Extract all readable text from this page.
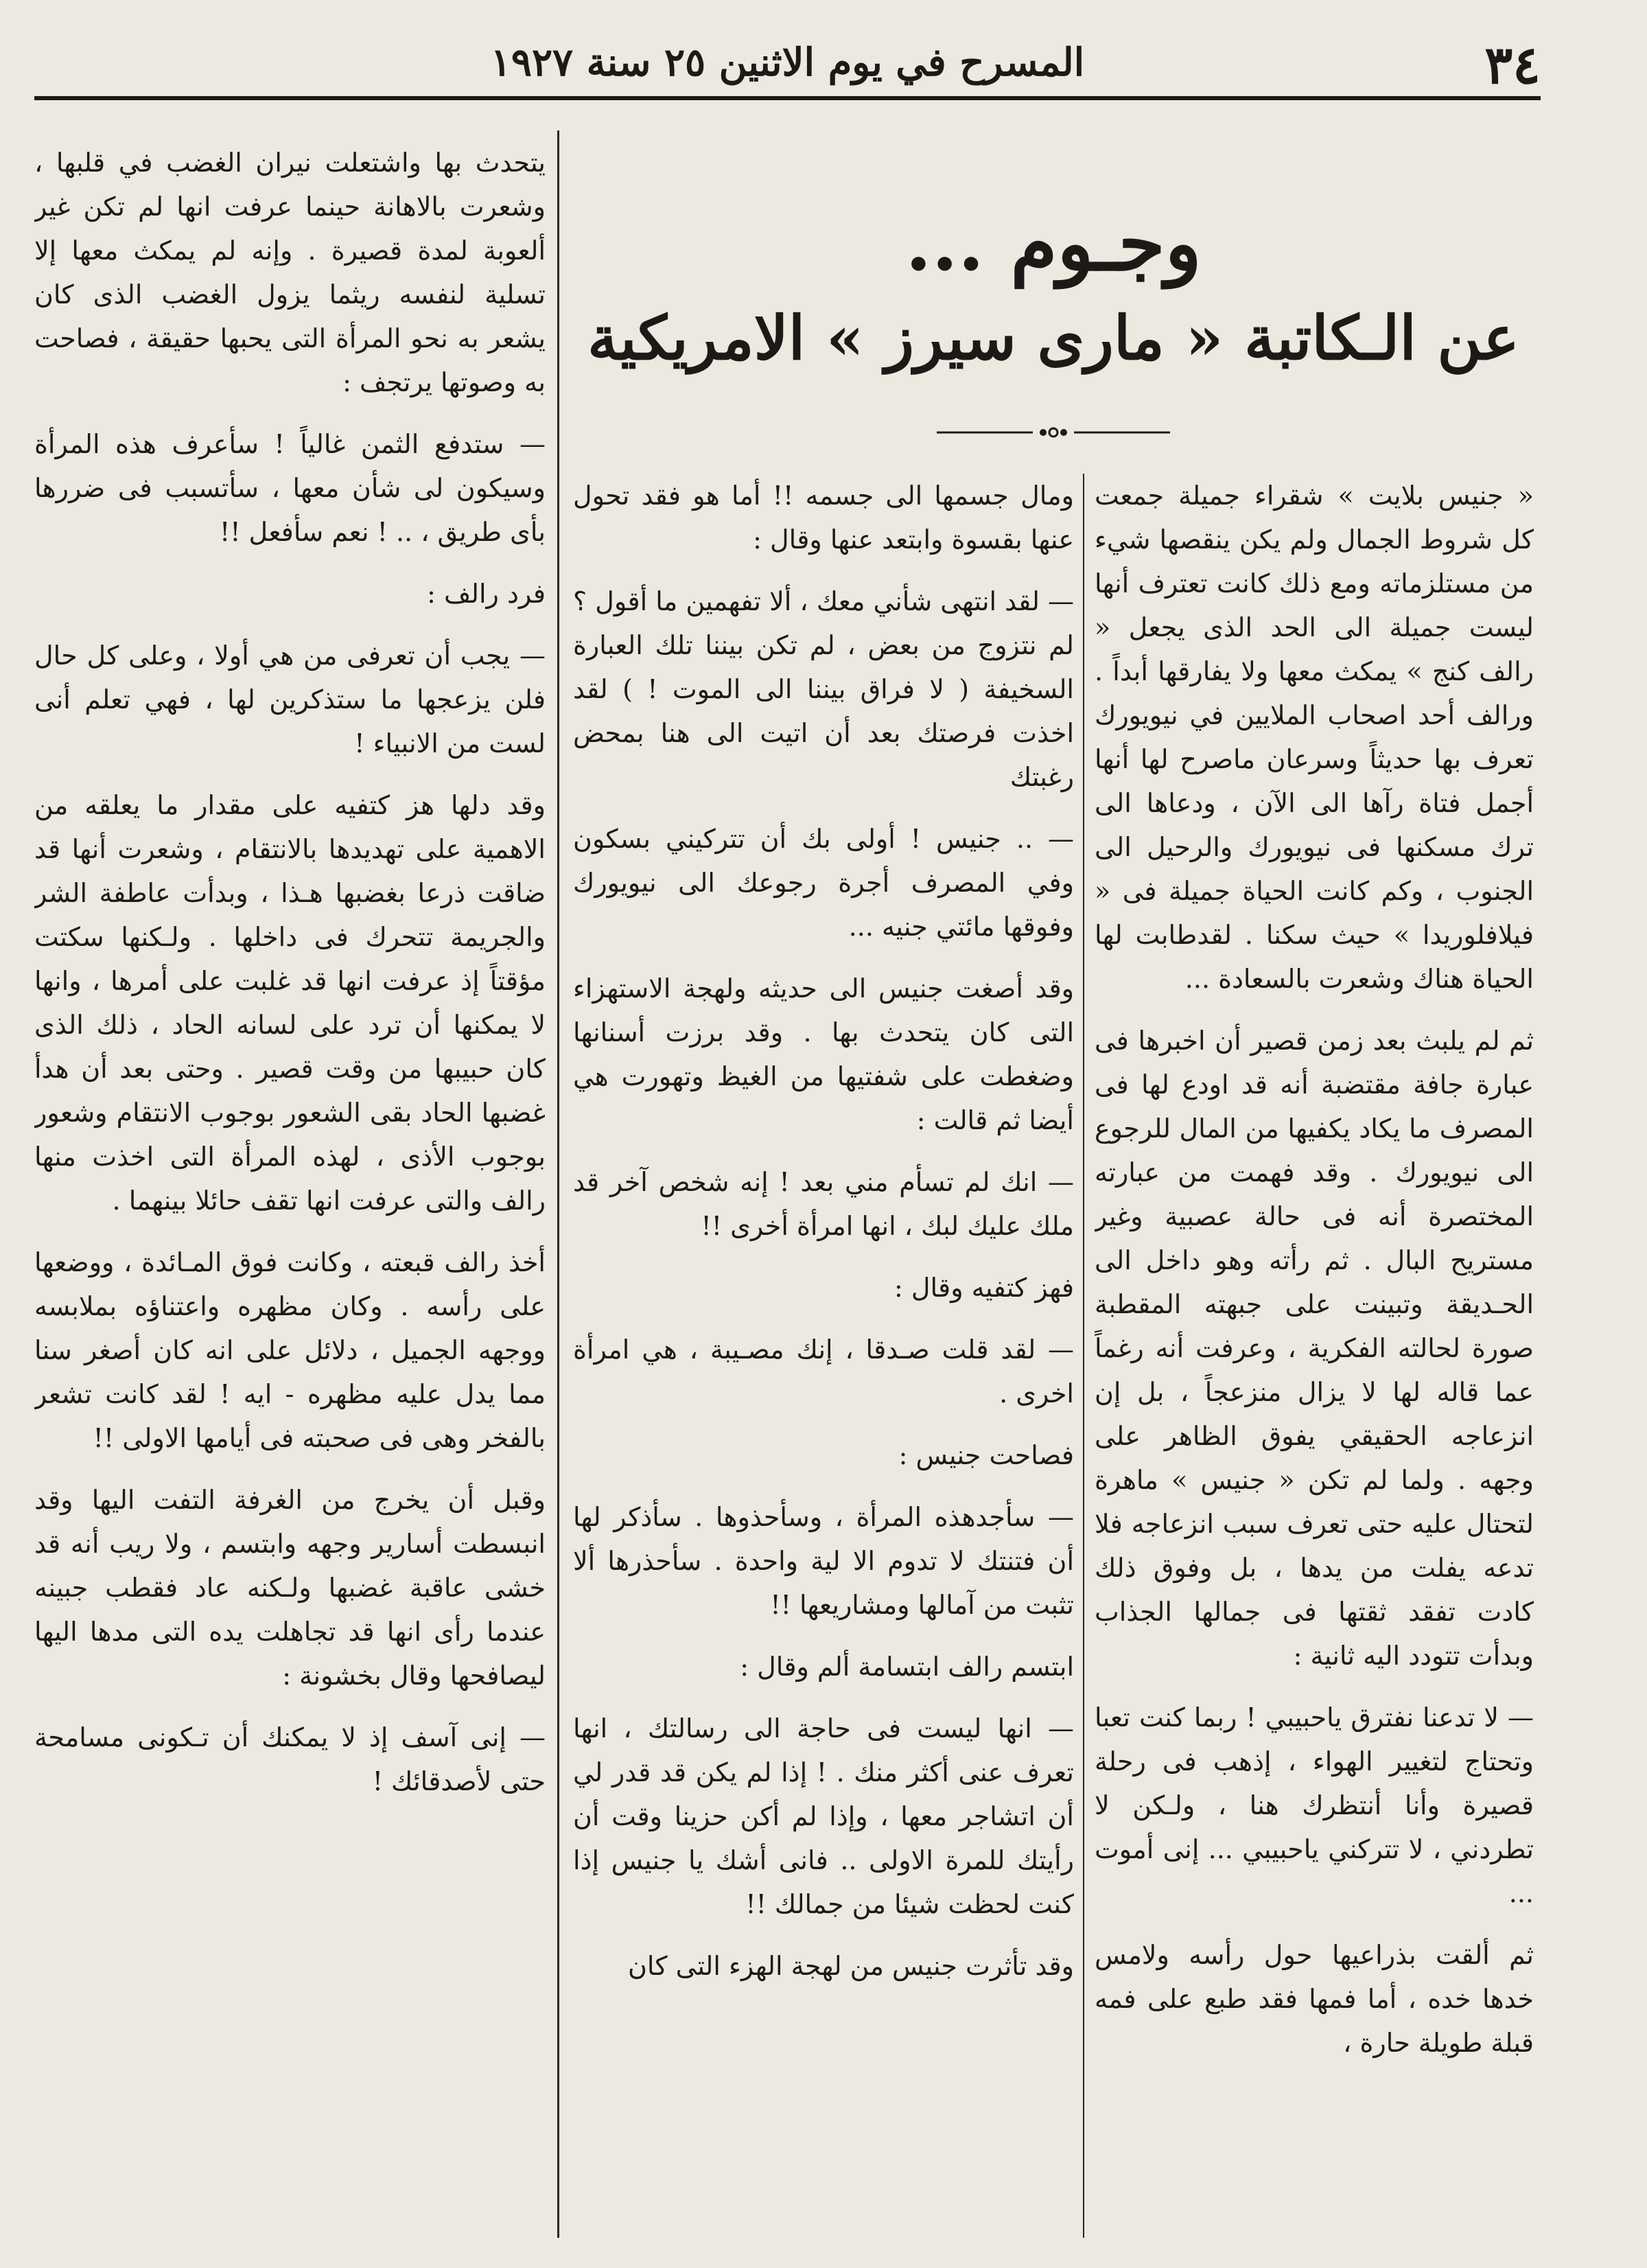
٣٤
المسرح في يوم الاثنين ٢٥ سنة ١٩٢٧
وجـوم ...
عن الـكاتبة « مارى سيرز » الامريكية

« جنيس بلايت » شقراء جميلة جمعت كل شروط الجمال ولم يكن ينقصها شيء من مستلزماته ومع ذلك كانت تعترف أنها ليست جميلة الى الحد الذى يجعل « رالف كنج » يمكث معها ولا يفارقها أبداً . ورالف أحد اصحاب الملايين في نيويورك تعرف بها حديثاً وسرعان ماصرح لها أنها أجمل فتاة رآها الى الآن ، ودعاها الى ترك مسكنها فى نيويورك والرحيل الى الجنوب ، وكم كانت الحياة جميلة فى « فيلافلوريدا » حيث سكنا . لقدطابت لها الحياة هناك وشعرت بالسعادة ...

ثم لم يلبث بعد زمن قصير أن اخبرها فى عبارة جافة مقتضبة أنه قد اودع لها فى المصرف ما يكاد يكفيها من المال للرجوع الى نيويورك . وقد فهمت من عبارته المختصرة أنه فى حالة عصبية وغير مستريح البال . ثم رأته وهو داخل الى الحـديقة وتبينت على جبهته المقطبة صورة لحالته الفكرية ، وعرفت أنه رغماً عما قاله لها لا يزال منزعجاً ، بل إن انزعاجه الحقيقي يفوق الظاهر على وجهه . ولما لم تكن « جنيس » ماهرة لتحتال عليه حتى تعرف سبب انزعاجه فلا تدعه يفلت من يدها ، بل وفوق ذلك كادت تفقد ثقتها فى جمالها الجذاب وبدأت تتودد اليه ثانية :

— لا تدعنا نفترق ياحبيبي ! ربما كنت تعبا وتحتاج لتغيير الهواء ، إذهب فى رحلة قصيرة وأنا أنتظرك هنا ، ولـكن لا تطردني ، لا تتركني ياحبيبي ... إنى أموت ...

ثم ألقت بذراعيها حول رأسه ولامس خدها خده ، أما فمها فقد طبع على فمه قبلة طويلة حارة ،

ومال جسمها الى جسمه !! أما هو فقد تحول عنها بقسوة وابتعد عنها وقال :

— لقد انتهى شأني معك ، ألا تفهمين ما أقول ؟ لم نتزوج من بعض ، لم تكن بيننا تلك العبارة السخيفة ( لا فراق بيننا الى الموت ! ) لقد اخذت فرصتك بعد أن اتيت الى هنا بمحض رغبتك

— .. جنيس ! أولى بك أن تتركيني بسكون وفي المصرف أجرة رجوعك الى نيويورك وفوقها مائتي جنيه ...

وقد أصغت جنيس الى حديثه ولهجة الاستهزاء التى كان يتحدث بها . وقد برزت أسنانها وضغطت على شفتيها من الغيظ وتهورت هي أيضا ثم قالت :

— انك لم تسأم مني بعد ! إنه شخص آخر قد ملك عليك لبك ، انها امرأة أخرى !!

فهز كتفيه وقال :

— لقد قلت صـدقا ، إنك مصـيبة ، هي امرأة اخرى .

فصاحت جنيس :

— سأجدهذه المرأة ، وسأحذوها . سأذكر لها أن فتنتك لا تدوم الا لية واحدة . سأحذرها ألا تثبت من آمالها ومشاريعها !!

ابتسم رالف ابتسامة ألم وقال :

— انها ليست فى حاجة الى رسالتك ، انها تعرف عنى أكثر منك . ! إذا لم يكن قد قدر لي أن اتشاجر معها ، وإذا لم أكن حزينا وقت أن رأيتك للمرة الاولى .. فانى أشك يا جنيس إذا كنت لحظت شيئا من جمالك !!

وقد تأثرت جنيس من لهجة الهزء التى كان

يتحدث بها واشتعلت نيران الغضب في قلبها ، وشعرت بالاهانة حينما عرفت انها لم تكن غير ألعوبة لمدة قصيرة . وإنه لم يمكث معها إلا تسلية لنفسه ريثما يزول الغضب الذى كان يشعر به نحو المرأة التى يحبها حقيقة ، فصاحت به وصوتها يرتجف :

— ستدفع الثمن غالياً ! سأعرف هذه المرأة وسيكون لى شأن معها ، سأتسبب فى ضررها بأى طريق ، .. ! نعم سأفعل !!

فرد رالف :

— يجب أن تعرفى من هي أولا ، وعلى كل حال فلن يزعجها ما ستذكرين لها ، فهي تعلم أنى لست من الانبياء !

وقد دلها هز كتفيه على مقدار ما يعلقه من الاهمية على تهديدها بالانتقام ، وشعرت أنها قد ضاقت ذرعا بغضبها هـذا ، وبدأت عاطفة الشر والجريمة تتحرك فى داخلها . ولـكنها سكتت مؤقتاً إذ عرفت انها قد غلبت على أمرها ، وانها لا يمكنها أن ترد على لسانه الحاد ، ذلك الذى كان حبيبها من وقت قصير . وحتى بعد أن هدأ غضبها الحاد بقى الشعور بوجوب الانتقام وشعور بوجوب الأذى ، لهذه المرأة التى اخذت منها رالف والتى عرفت انها تقف حائلا بينهما .

أخذ رالف قبعته ، وكانت فوق المـائدة ، ووضعها على رأسه . وكان مظهره واعتناؤه بملابسه ووجهه الجميل ، دلائل على انه كان أصغر سنا مما يدل عليه مظهره - ايه ! لقد كانت تشعر بالفخر وهى فى صحبته فى أيامها الاولى !!

وقبل أن يخرج من الغرفة التفت اليها وقد انبسطت أسارير وجهه وابتسم ، ولا ريب أنه قد خشى عاقبة غضبها ولـكنه عاد فقطب جبينه عندما رأى انها قد تجاهلت يده التى مدها اليها ليصافحها وقال بخشونة :

— إنى آسف إذ لا يمكنك أن تـكونى مسامحة حتى لأصدقائك !
